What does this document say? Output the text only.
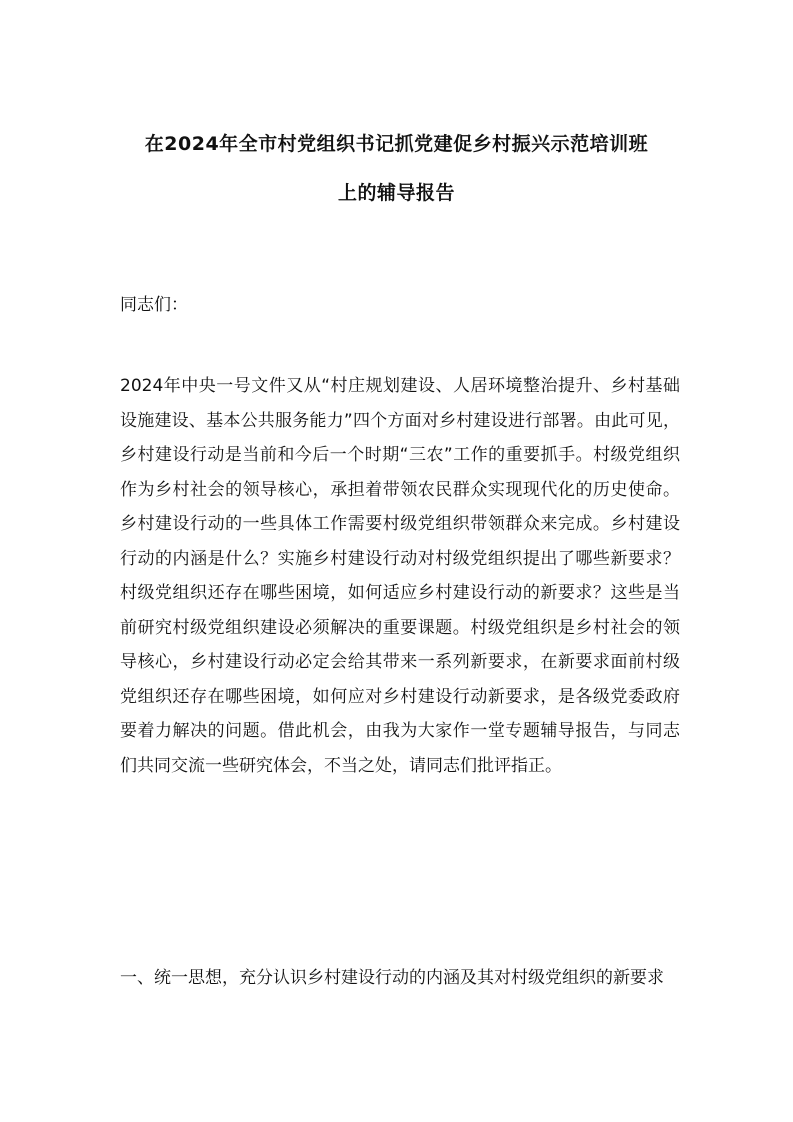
在2024年全市村党组织书记抓党建促乡村振兴示范培训班
上的辅导报告

同志们：

2024年中央一号文件又从“村庄规划建设、人居环境整治提升、乡村基础设施建设、基本公共服务能力”四个方面对乡村建设进行部署。由此可见，乡村建设行动是当前和今后一个时期“三农”工作的重要抓手。村级党组织作为乡村社会的领导核心，承担着带领农民群众实现现代化的历史使命。乡村建设行动的一些具体工作需要村级党组织带领群众来完成。乡村建设行动的内涵是什么？实施乡村建设行动对村级党组织提出了哪些新要求？村级党组织还存在哪些困境，如何适应乡村建设行动的新要求？这些是当前研究村级党组织建设必须解决的重要课题。村级党组织是乡村社会的领导核心，乡村建设行动必定会给其带来一系列新要求，在新要求面前村级党组织还存在哪些困境，如何应对乡村建设行动新要求，是各级党委政府要着力解决的问题。借此机会，由我为大家作一堂专题辅导报告，与同志们共同交流一些研究体会，不当之处，请同志们批评指正。

一、统一思想，充分认识乡村建设行动的内涵及其对村级党组织的新要求
